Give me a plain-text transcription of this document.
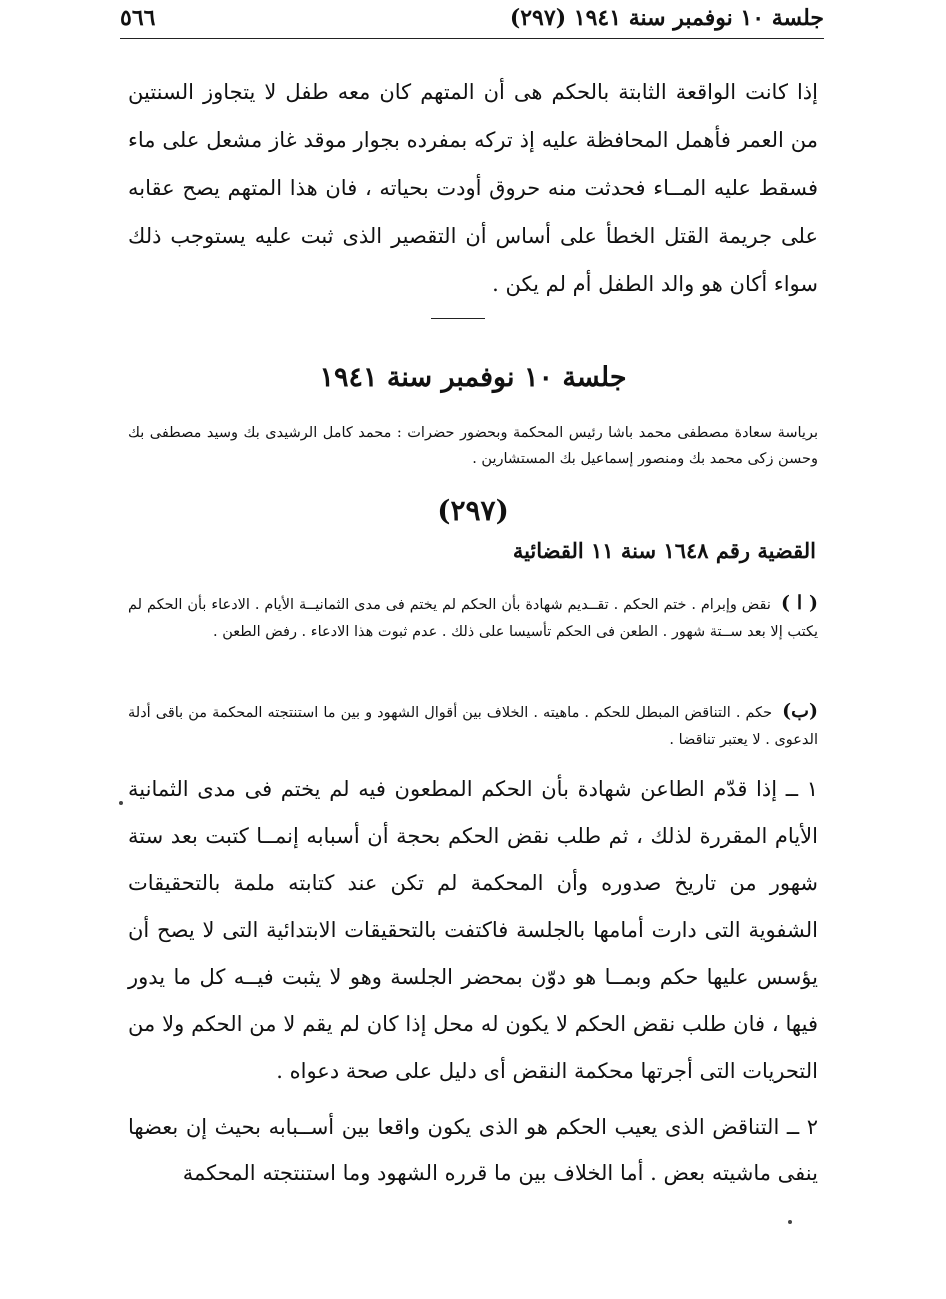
٥٦٦	جلسة ١٠ نوفمبر سنة ١٩٤١ (٢٩٧)

إذا كانت الواقعة الثابتة بالحكم هى أن المتهم كان معه طفل لا يتجاوز السنتين من العمر فأهمل المحافظة عليه إذ تركه بمفرده بجوار موقد غاز مشعل على ماء فسقط عليه المــاء فحدثت منه حروق أودت بحياته ، فان هذا المتهم يصح عقابه على جريمة القتل الخطأ على أساس أن التقصير الذى ثبت عليه يستوجب ذلك سواء أكان هو والد الطفل أم لم يكن .

جلسة ١٠ نوفمبر سنة ١٩٤١

برياسة سعادة مصطفى محمد باشا رئيس المحكمة وبحضور حضرات : محمد كامل الرشيدى بك وسيد مصطفى بك وحسن زكى محمد بك ومنصور إسماعيل بك المستشارين .

(٢٩٧)
القضية رقم ١٦٤٨ سنة ١١ القضائية

( ا )نقض وإبرام . ختم الحكم . تقــديم شهادة بأن الحكم لم يختم فى مدى الثمانيــة الأيام . الادعاء بأن الحكم لم يكتب إلا بعد ســتة شهور . الطعن فى الحكم تأسيسا على ذلك . عدم ثبوت هذا الادعاء . رفض الطعن .

(ب)حكم . التناقض المبطل للحكم . ماهيته . الخلاف بين أقوال الشهود و بين ما استنتجته المحكمة من باقى أدلة الدعوى . لا يعتبر تناقضا .

١ ــ إذا قدّم الطاعن شهادة بأن الحكم المطعون فيه لم يختم فى مدى الثمانية الأيام المقررة لذلك ، ثم طلب نقض الحكم بحجة أن أسبابه إنمــا كتبت بعد ستة شهور من تاريخ صدوره وأن المحكمة لم تكن عند كتابته ملمة بالتحقيقات الشفوية التى دارت أمامها بالجلسة فاكتفت بالتحقيقات الابتدائية التى لا يصح أن يؤسس عليها حكم وبمــا هو دوّن بمحضر الجلسة وهو لا يثبت فيــه كل ما يدور فيها ، فان طلب نقض الحكم لا يكون له محل إذا كان لم يقم لا من الحكم ولا من التحريات التى أجرتها محكمة النقض أى دليل على صحة دعواه .

٢ ــ التناقض الذى يعيب الحكم هو الذى يكون واقعا بين أســبابه بحيث إن بعضها ينفى ماشيته بعض . أما الخلاف بين ما قرره الشهود وما استنتجته المحكمة
